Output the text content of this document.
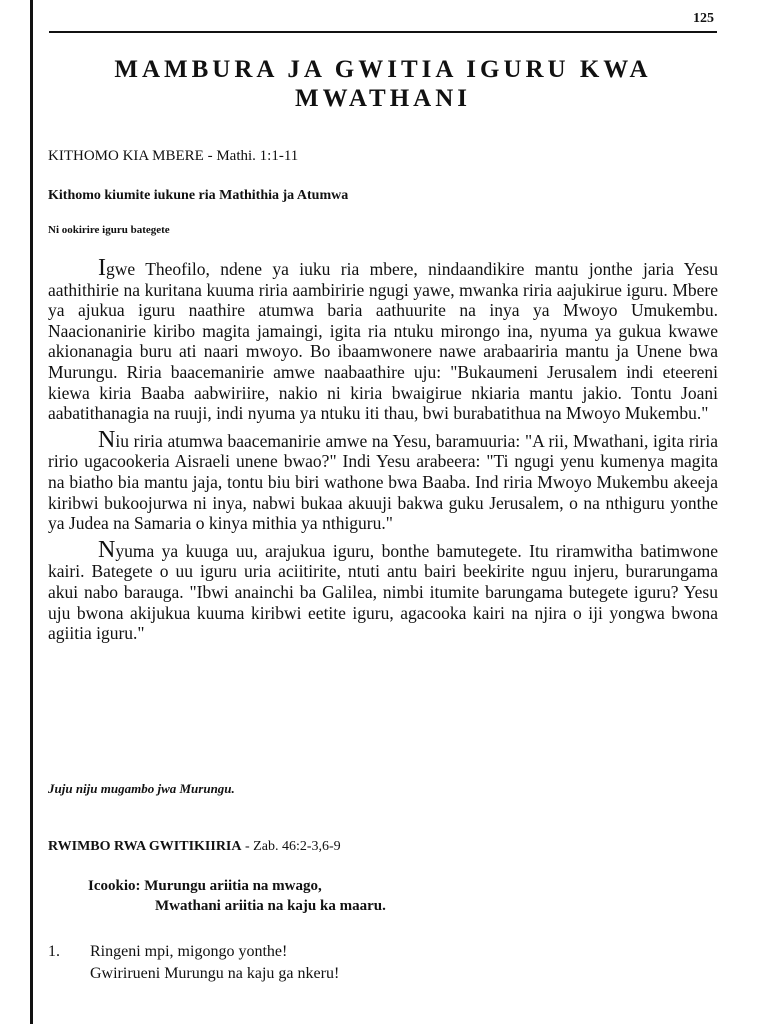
125
MAMBURA JA GWITIA IGURU KWA MWATHANI
KITHOMO KIA MBERE - Mathi. 1:1-11
Kithomo kiumite iukune ria Mathithia ja Atumwa
Ni ookirire iguru bategete

Igwe Theofilo, ndene ya iuku ria mbere, nindaandikire mantu jonthe jaria Yesu aathithirie na kuritana kuuma riria aambiririe ngugi yawe, mwanka riria aajukirue iguru. Mbere ya ajukua iguru naathire atumwa baria aathuurite na inya ya Mwoyo Umukembu. Naacionanirie kiribo magita jamaingi, igita ria ntuku mirongo ina, nyuma ya gukua kwawe akionanagia buru ati naari mwoyo. Bo ibaamwonere nawe arabaariria mantu ja Unene bwa Murungu. Riria baacemanirie amwe naabaathire uju: "Bukaumeni Jerusalem indi eteereni kiewa kiria Baaba aabwiriire, nakio ni kiria bwaigirue nkiaria mantu jakio. Tontu Joani aabatithanagia na ruuji, indi nyuma ya ntuku iti thau, bwi burabatithua na Mwoyo Mukembu."

Niu riria atumwa baacemanirie amwe na Yesu, baramuuria: "A rii, Mwathani, igita riria ririo ugacookeria Aisraeli unene bwao?" Indi Yesu arabeera: "Ti ngugi yenu kumenya magita na biatho bia mantu jaja, tontu biu biri wathone bwa Baaba. Ind riria Mwoyo Mukembu akeeja kiribwi bukoojurwa ni inya, nabwi bukaa akuuji bakwa guku Jerusalem, o na nthiguru yonthe ya Judea na Samaria o kinya mithia ya nthiguru."

Nyuma ya kuuga uu, arajukua iguru, bonthe bamutegete. Itu riramwitha batimwone kairi. Bategete o uu iguru uria aciitirite, ntuti antu bairi beekirite nguu injeru, burarungama akui nabo barauga. "Ibwi anainchi ba Galilea, nimbi itumite barungama butegete iguru? Yesu uju bwona akijukua kuuma kiribwi eetite iguru, agacooka kairi na njira o iji yongwa bwona agiitia iguru."

Juju niju mugambo jwa Murungu.
RWIMBO RWA GWITIKIIRIA - Zab. 46:2-3,6-9
Icookio: Murungu ariitia na mwago,
Mwathani ariitia na kaju ka maaru.
1. Ringeni mpi, migongo yonthe!
Gwirirueni Murungu na kaju ga nkeru!
